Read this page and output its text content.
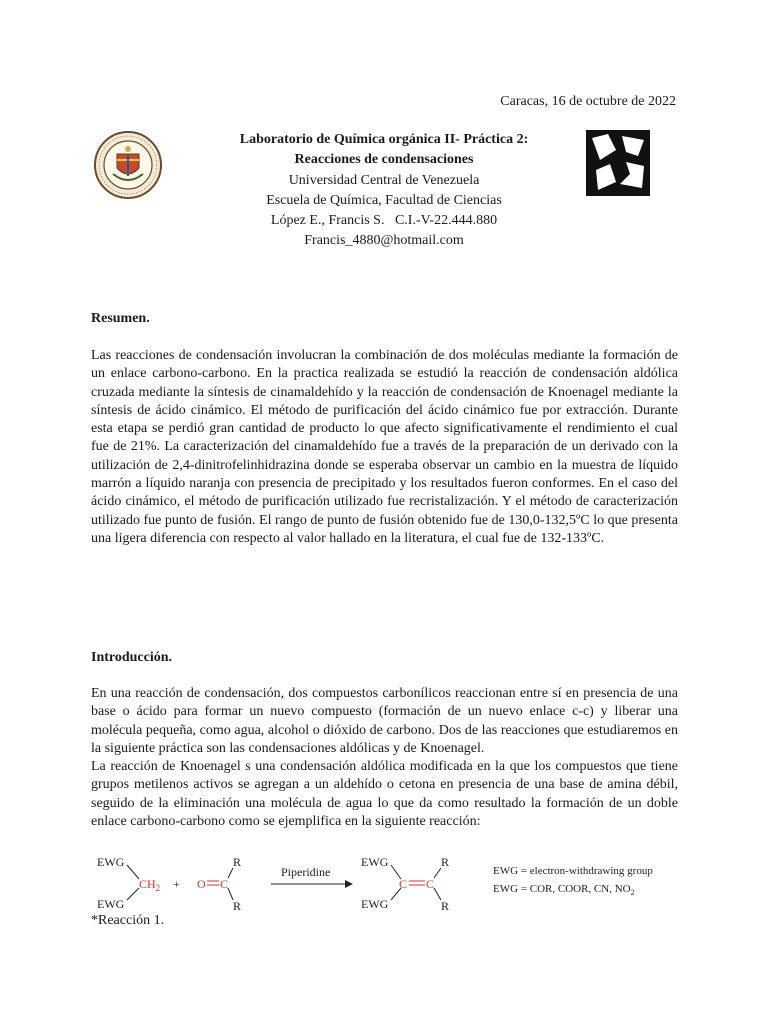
Caracas, 16 de octubre de 2022
Laboratorio de Química orgánica II- Práctica 2:
Reacciones de condensaciones
Universidad Central de Venezuela
Escuela de Química, Facultad de Ciencias
López E., Francis S.   C.I.-V-22.444.880
Francis_4880@hotmail.com
Resumen.

Las reacciones de condensación involucran la combinación de dos moléculas mediante la formación de un enlace carbono-carbono. En la practica realizada se estudió la reacción de condensación aldólica cruzada mediante la síntesis de cinamaldehído y la reacción de condensación de Knoenagel mediante la síntesis de ácido cinámico. El método de purificación del ácido cinámico fue por extracción. Durante esta etapa se perdió gran cantidad de producto lo que afecto significativamente el rendimiento el cual fue de 21%. La caracterización del cinamaldehído fue a través de la preparación de un derivado con la utilización de 2,4-dinitrofelinhidrazina donde se esperaba observar un cambio en la muestra de líquido marrón a líquido naranja con presencia de precipitado y los resultados fueron conformes. En el caso del ácido cinámico, el método de purificación utilizado fue recristalización. Y el método de caracterización utilizado fue punto de fusión. El rango de punto de fusión obtenido fue de 130,0-132,5ºC lo que presenta una ligera diferencia con respecto al valor hallado en la literatura, el cual fue de 132-133ºC.

Introducción.

En una reacción de condensación, dos compuestos carbonílicos reaccionan entre sí en presencia de una base o ácido para formar un nuevo compuesto (formación de un nuevo enlace c-c) y liberar una molécula pequeña, como agua, alcohol o dióxido de carbono. Dos de las reacciones que estudiaremos en la siguiente práctica son las condensaciones aldólicas y de Knoenagel.

La reacción de Knoenagel s una condensación aldólica modificada en la que los compuestos que tiene grupos metilenos activos se agregan a un aldehído o cetona en presencia de una base de amina débil, seguido de la eliminación una molécula de agua lo que da como resultado la formación de un doble enlace carbono-carbono como se ejemplifica en la siguiente reacción:

EWG
EWG
$CH_2 + O$ C
R
R
Piperidine
EWG
EWG
C C
R
R
EWG = electron-withdrawing group
EWG = COR, COOR, CN, $NO_2$
*Reacción 1.
